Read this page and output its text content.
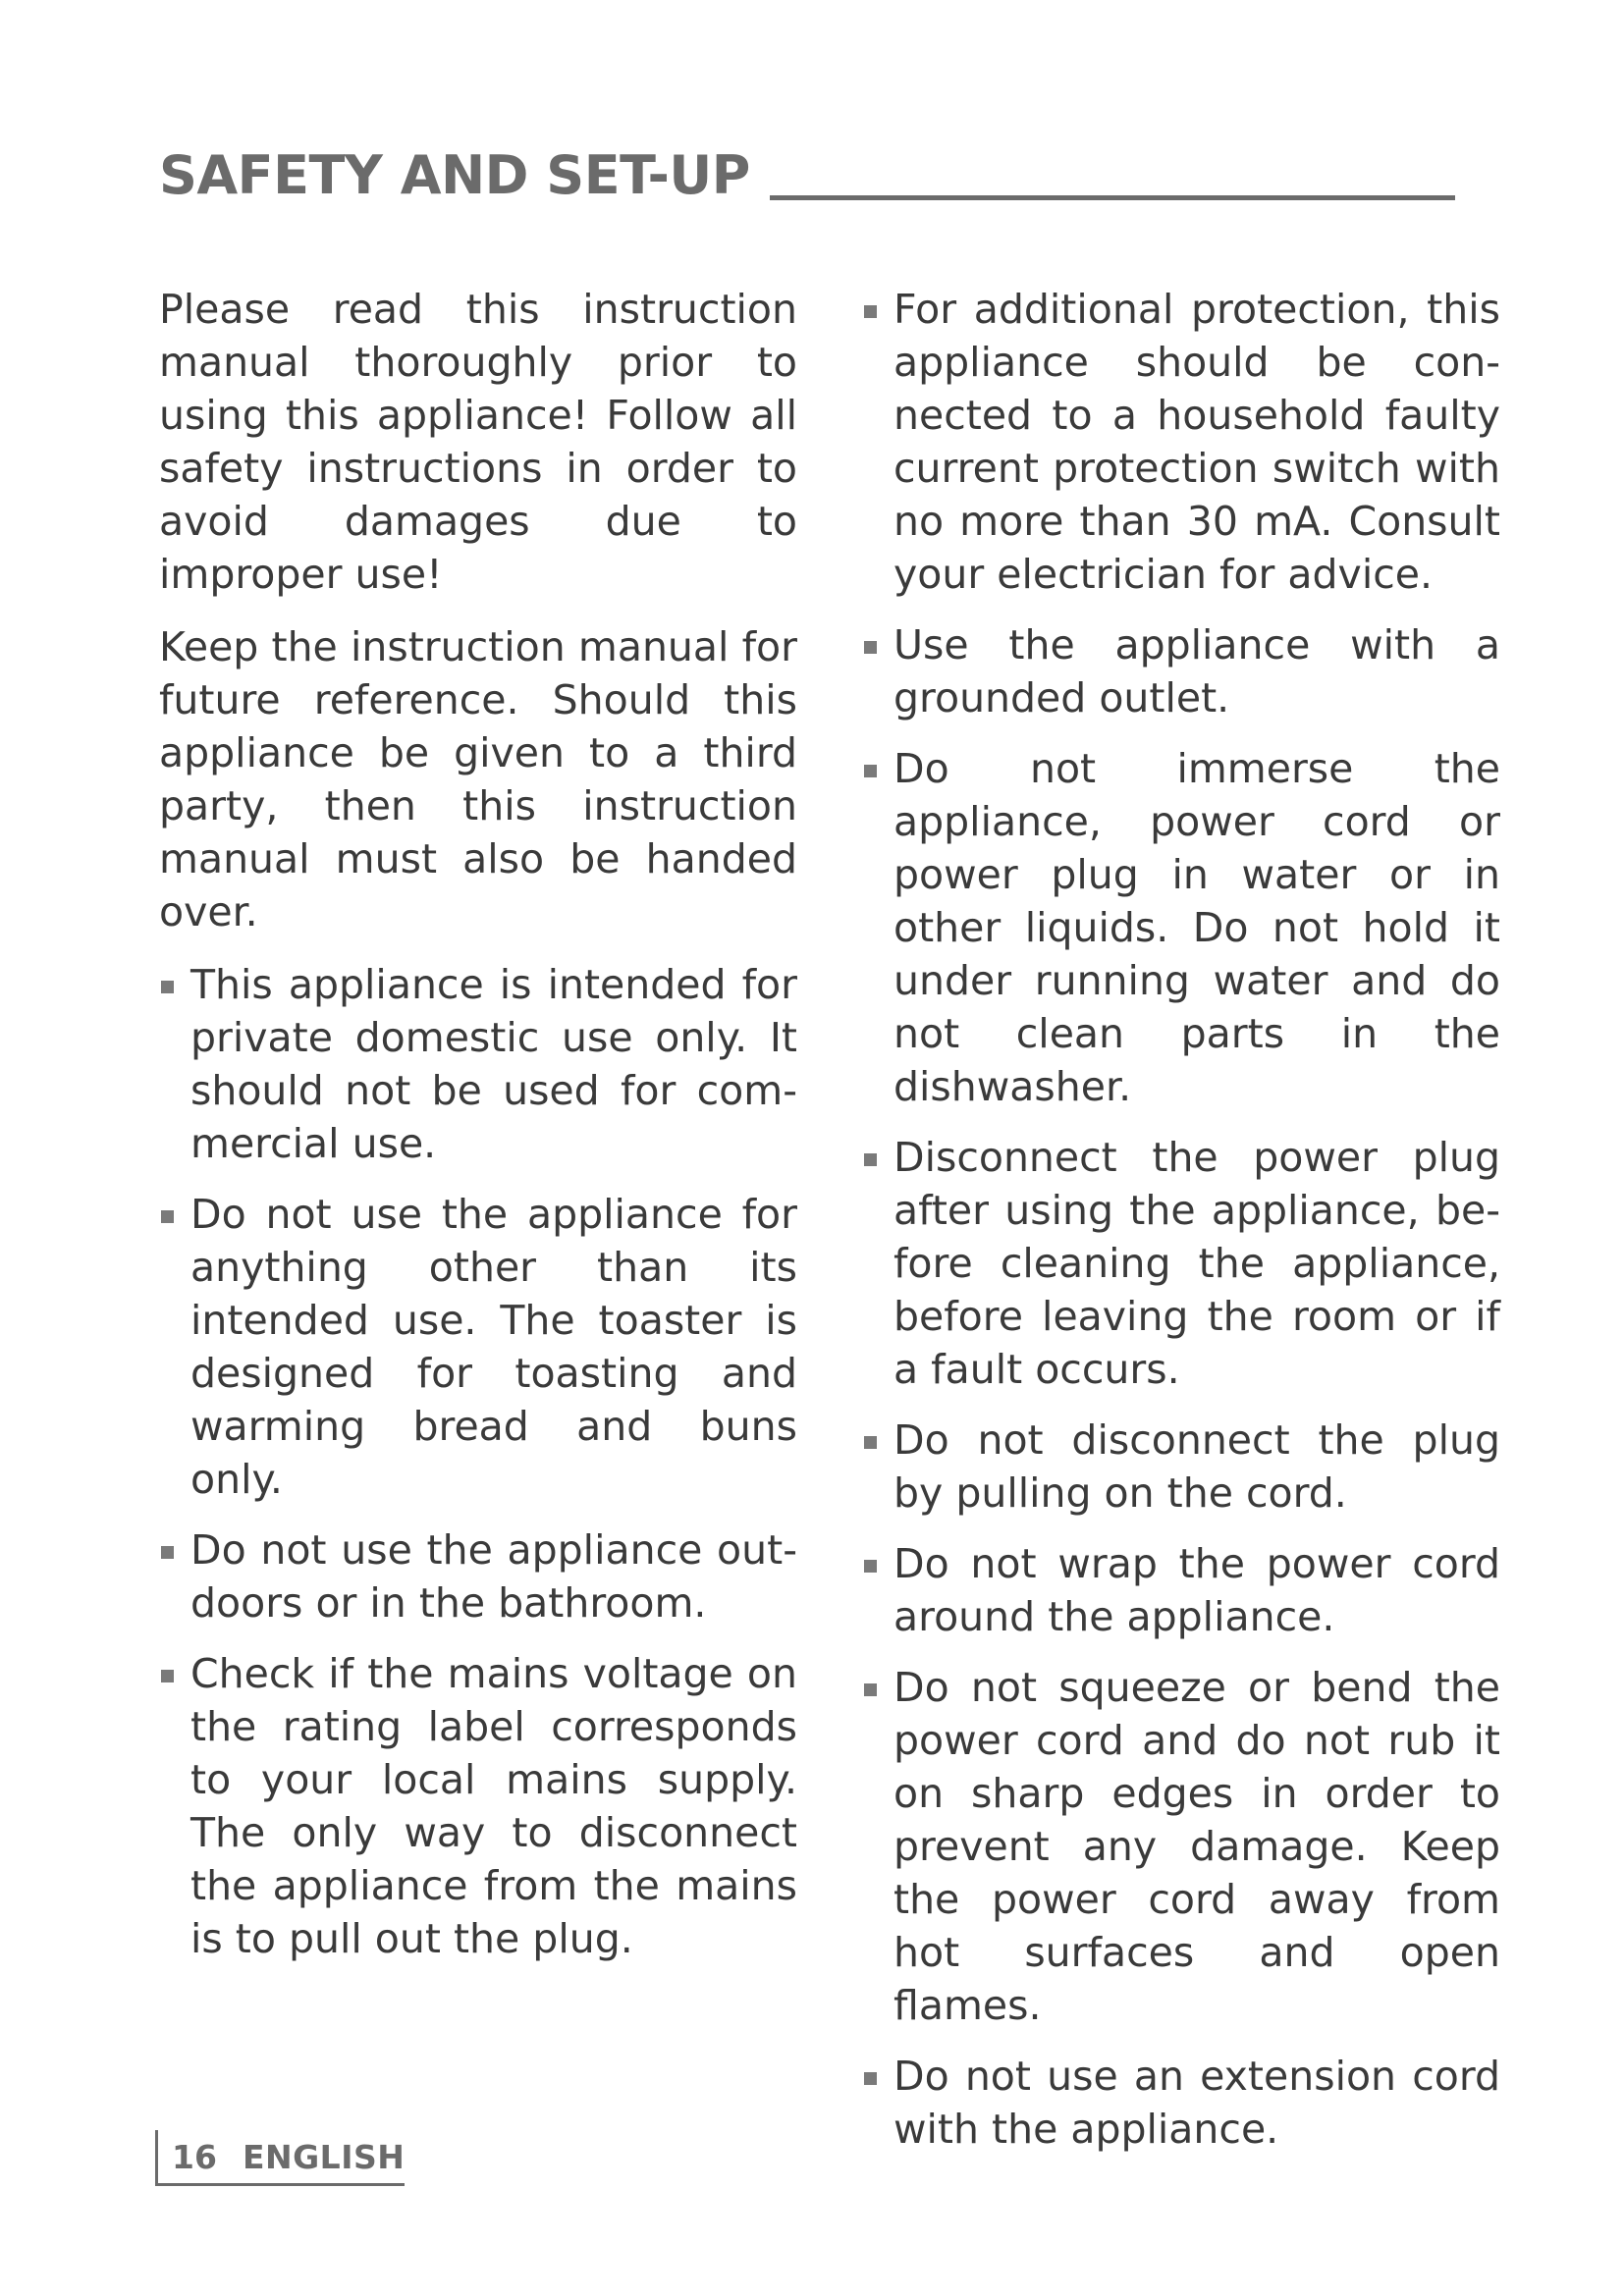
SAFETY AND SET-UP

Please read this instruction manual thoroughly prior to using this appliance! Follow all safety instructions in order to avoid damages due to improper use!

Keep the instruction manual for future reference. Should this appliance be given to a third party, then this instruction manual must also be handed over.

This appliance is intended for private domestic use only. It should not be used for commercial use.
Do not use the appliance for anything other than its intended use. The toaster is designed for toasting and warming bread and buns only.
Do not use the appliance outdoors or in the bathroom.
Check if the mains voltage on the rating label corresponds to your local mains supply. The only way to disconnect the appliance from the mains is to pull out the plug.
For additional protection, this appliance should be connected to a household faulty current protection switch with no more than 30 mA. Consult your electrician for advice.
Use the appliance with a grounded outlet.
Do not immerse the appliance, power cord or power plug in water or in other liquids. Do not hold it under running water and do not clean parts in the dishwasher.
Disconnect the power plug after using the appliance, before cleaning the appliance, before leaving the room or if a fault occurs.
Do not disconnect the plug by pulling on the cord.
Do not wrap the power cord around the appliance.
Do not squeeze or bend the power cord and do not rub it on sharp edges in order to prevent any damage. Keep the power cord away from hot surfaces and open flames.
Do not use an extension cord with the appliance.
16 ENGLISH
